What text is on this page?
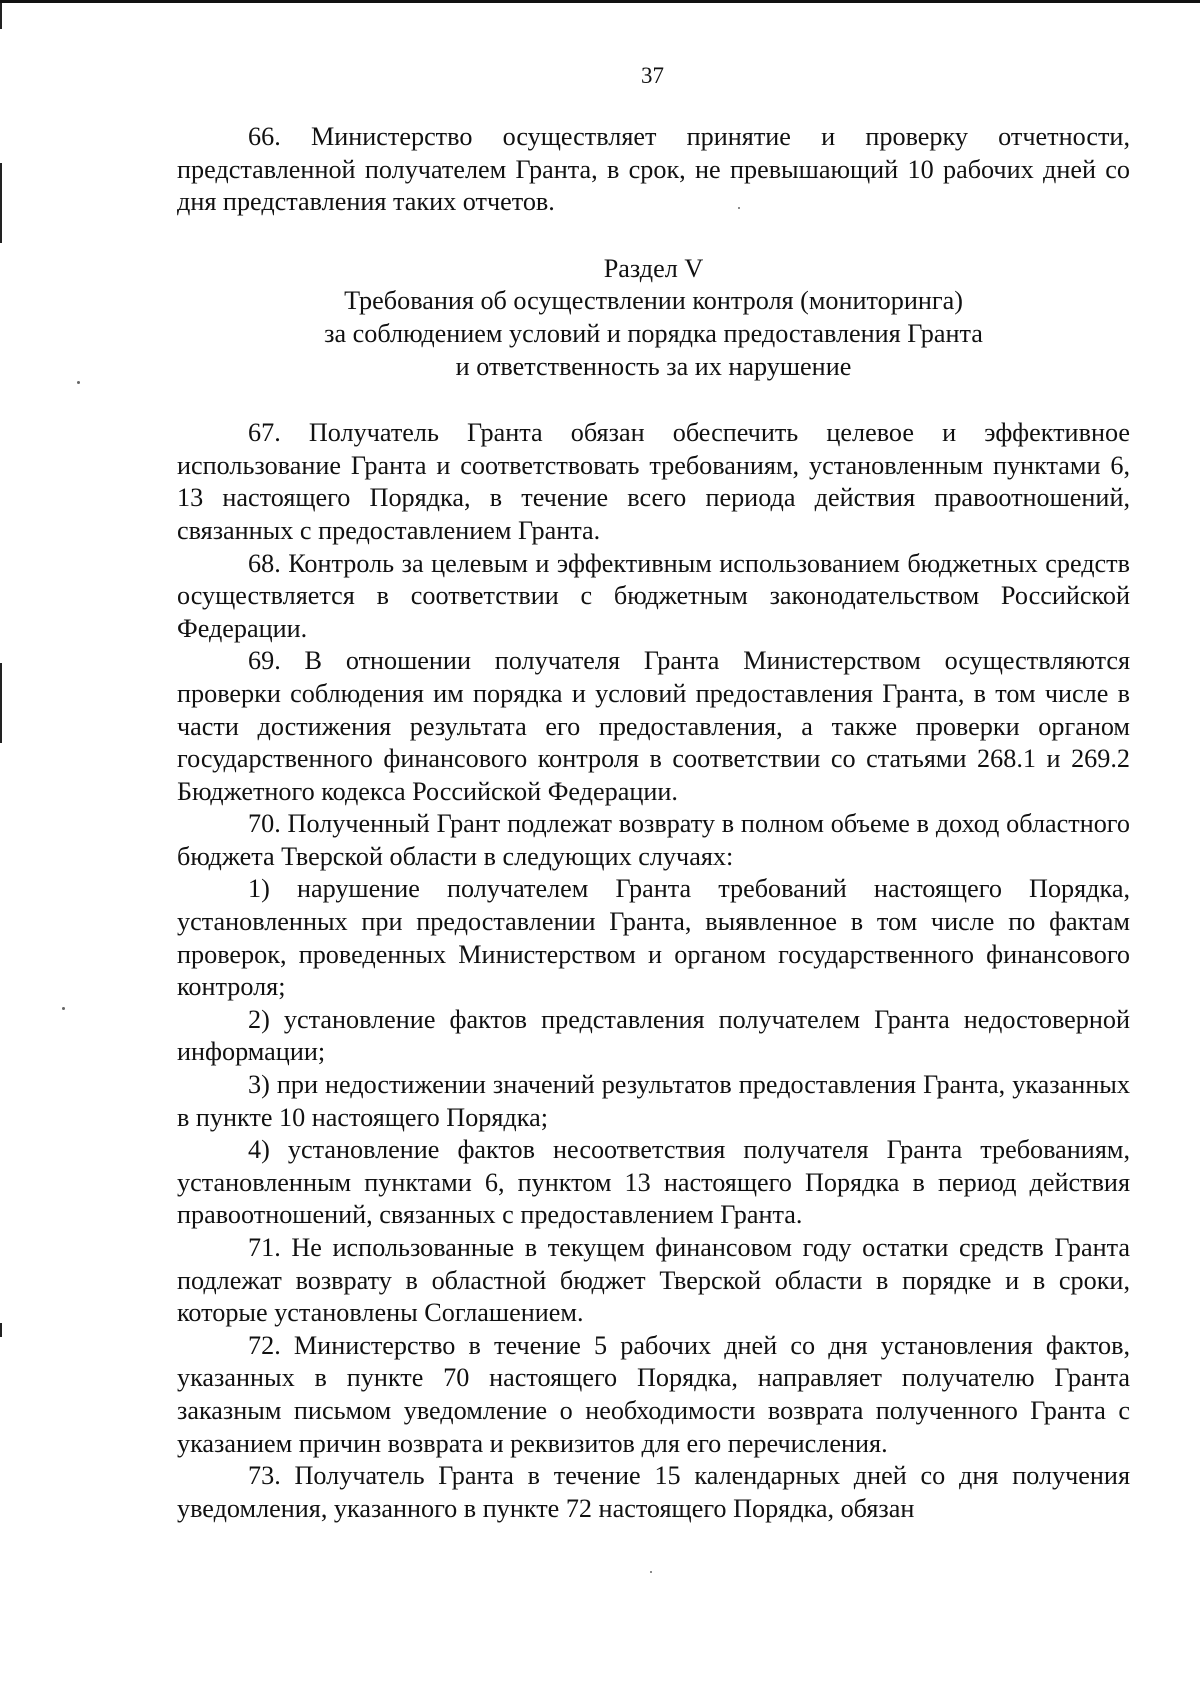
37

66. Министерство осуществляет принятие и проверку отчетности, представленной получателем Гранта, в срок, не превышающий 10 рабочих дней со дня представления таких отчетов.

Раздел V

Требования об осуществлении контроля (мониторинга)

за соблюдением условий и порядка предоставления Гранта

и ответственность за их нарушение

67. Получатель Гранта обязан обеспечить целевое и эффективное использование Гранта и соответствовать требованиям, установленным пунктами 6, 13 настоящего Порядка, в течение всего периода действия правоотношений, связанных с предоставлением Гранта.

68. Контроль за целевым и эффективным использованием бюджетных средств осуществляется в соответствии с бюджетным законодательством Российской Федерации.

69. В отношении получателя Гранта Министерством осуществляются проверки соблюдения им порядка и условий предоставления Гранта, в том числе в части достижения результата его предоставления, а также проверки органом государственного финансового контроля в соответствии со статьями 268.1 и 269.2 Бюджетного кодекса Российской Федерации.

70. Полученный Грант подлежат возврату в полном объеме в доход областного бюджета Тверской области в следующих случаях:

1) нарушение получателем Гранта требований настоящего Порядка, установленных при предоставлении Гранта, выявленное в том числе по фактам проверок, проведенных Министерством и органом государственного финансового контроля;

2) установление фактов представления получателем Гранта недостоверной информации;

3) при недостижении значений результатов предоставления Гранта, указанных в пункте 10 настоящего Порядка;

4) установление фактов несоответствия получателя Гранта требованиям, установленным пунктами 6, пунктом 13 настоящего Порядка в период действия правоотношений, связанных с предоставлением Гранта.

71. Не использованные в текущем финансовом году остатки средств Гранта подлежат возврату в областной бюджет Тверской области в порядке и в сроки, которые установлены Соглашением.

72. Министерство в течение 5 рабочих дней со дня установления фактов, указанных в пункте 70 настоящего Порядка, направляет получателю Гранта заказным письмом уведомление о необходимости возврата полученного Гранта с указанием причин возврата и реквизитов для его перечисления.

73. Получатель Гранта в течение 15 календарных дней со дня получения уведомления, указанного в пункте 72 настоящего Порядка, обязан
